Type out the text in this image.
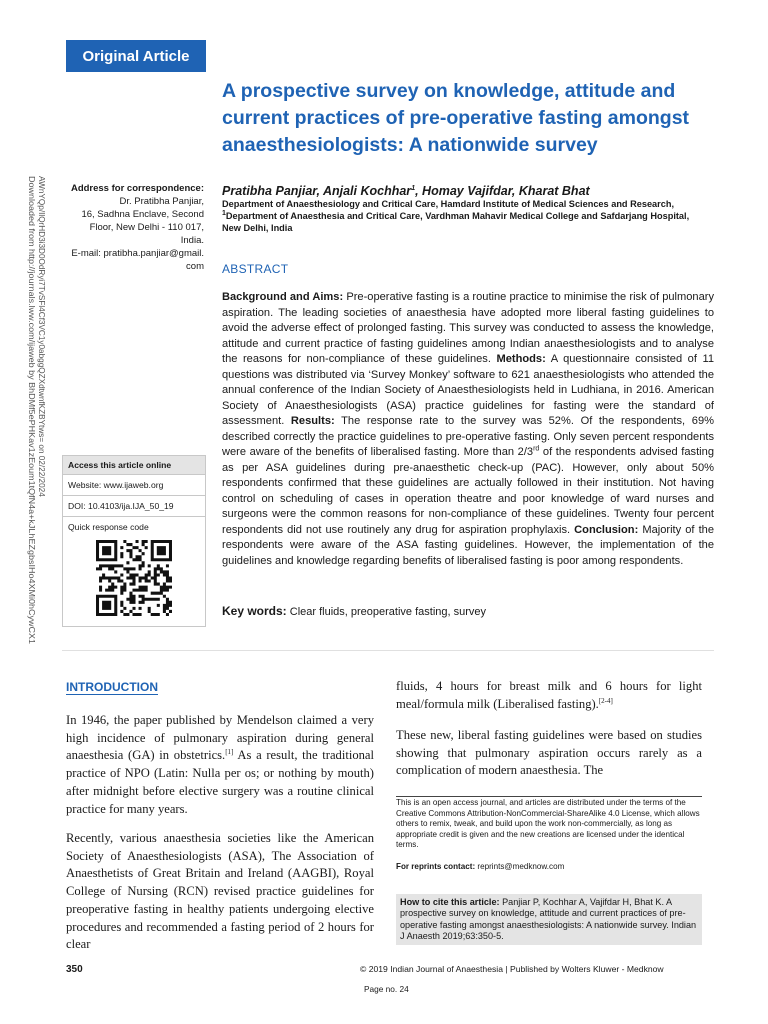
Original Article
A prospective survey on knowledge, attitude and current practices of pre-operative fasting amongst anaesthesiologists: A nationwide survey
Downloaded from http://journals.lww.com/ijaweb by BhDMf5ePHKav1zEoum1tQfN4a+kJLhEZgbsIHo4XMi0hCywCX1 AWnYQp/IlQrHD3i3D0OdRyi7TvSFl4Cf3VC1y0abggQZXdtwnfKZBYtws= on 02/22/2024	Address for correspondence:
Dr. Pratibha Panjiar,
16, Sadhna Enclave, Second
Floor, New Delhi - 110 017,
India.
E-mail: pratibha.panjiar@gmail.
com
Pratibha Panjiar, Anjali Kochhar$^1$, Homay Vajifdar, Kharat Bhat
Department of Anaesthesiology and Critical Care, Hamdard Institute of Medical Sciences and Research,
$^1$Department of Anaesthesia and Critical Care, Vardhman Mahavir Medical College and Safdarjang Hospital,
New Delhi, India
ABSTRACT

Background and Aims: Pre-operative fasting is a routine practice to minimise the risk of pulmonary aspiration. The leading societies of anaesthesia have adopted more liberal fasting guidelines to avoid the adverse effect of prolonged fasting. This survey was conducted to assess the knowledge, attitude and current practice of fasting guidelines among Indian anaesthesiologists and to analyse the reasons for non-compliance of these guidelines. Methods: A questionnaire consisted of 11 questions was distributed via ‘Survey Monkey’ software to 621 anaesthesiologists who attended the annual conference of the Indian Society of Anaesthesiologists held in Ludhiana, in 2016. American Society of Anaesthesiologists (ASA) practice guidelines for fasting were the standard of assessment. Results: The response rate to the survey was 52%. Of the respondents, 69% described correctly the practice guidelines to pre-operative fasting. Only seven percent respondents were aware of the benefits of liberalised fasting. More than 2/3rd of the respondents advised fasting as per ASA guidelines during pre-anaesthetic check-up (PAC). However, only about 50% respondents confirmed that these guidelines are actually followed in their institution. Not having control on scheduling of cases in operation theatre and poor knowledge of ward nurses and surgeons were the common reasons for non-compliance of these guidelines. Twenty four percent respondents did not use routinely any drug for aspiration prophylaxis. Conclusion: Majority of the respondents were aware of the ASA fasting guidelines. However, the implementation of the guidelines and knowledge regarding benefits of liberalised fasting is poor among respondents.

Key words: Clear fluids, preoperative fasting, survey
Access this article online
Website: www.ijaweb.org
DOI: 10.4103/ija.IJA_50_19
Quick response code
INTRODUCTION

In 1946, the paper published by Mendelson claimed a very high incidence of pulmonary aspiration during general anaesthesia (GA) in obstetrics.[1] As a result, the traditional practice of NPO (Latin: Nulla per os; or nothing by mouth) after midnight before elective surgery was a routine clinical practice for many years.

Recently, various anaesthesia societies like the American Society of Anaesthesiologists (ASA), The Association of Anaesthetists of Great Britain and Ireland (AAGBI), Royal College of Nursing (RCN) revised practice guidelines for preoperative fasting in healthy patients undergoing elective procedures and recommended a fasting period of 2 hours for clear

fluids, 4 hours for breast milk and 6 hours for light meal/formula milk (Liberalised fasting).[2-4]

These new, liberal fasting guidelines were based on studies showing that pulmonary aspiration occurs rarely as a complication of modern anaesthesia. The

This is an open access journal, and articles are distributed under the terms of the Creative Commons Attribution-NonCommercial-ShareAlike 4.0 License, which allows others to remix, tweak, and build upon the work non-commercially, as long as appropriate credit is given and the new creations are licensed under the identical terms.

For reprints contact: reprints@medknow.com
How to cite this article: Panjiar P, Kochhar A, Vajifdar H, Bhat K. A prospective survey on knowledge, attitude and current practices of pre-operative fasting amongst anaesthesiologists: A nationwide survey. Indian J Anaesth 2019;63:350-5.
350	© 2019 Indian Journal of Anaesthesia | Published by Wolters Kluwer - Medknow
Page no. 24
